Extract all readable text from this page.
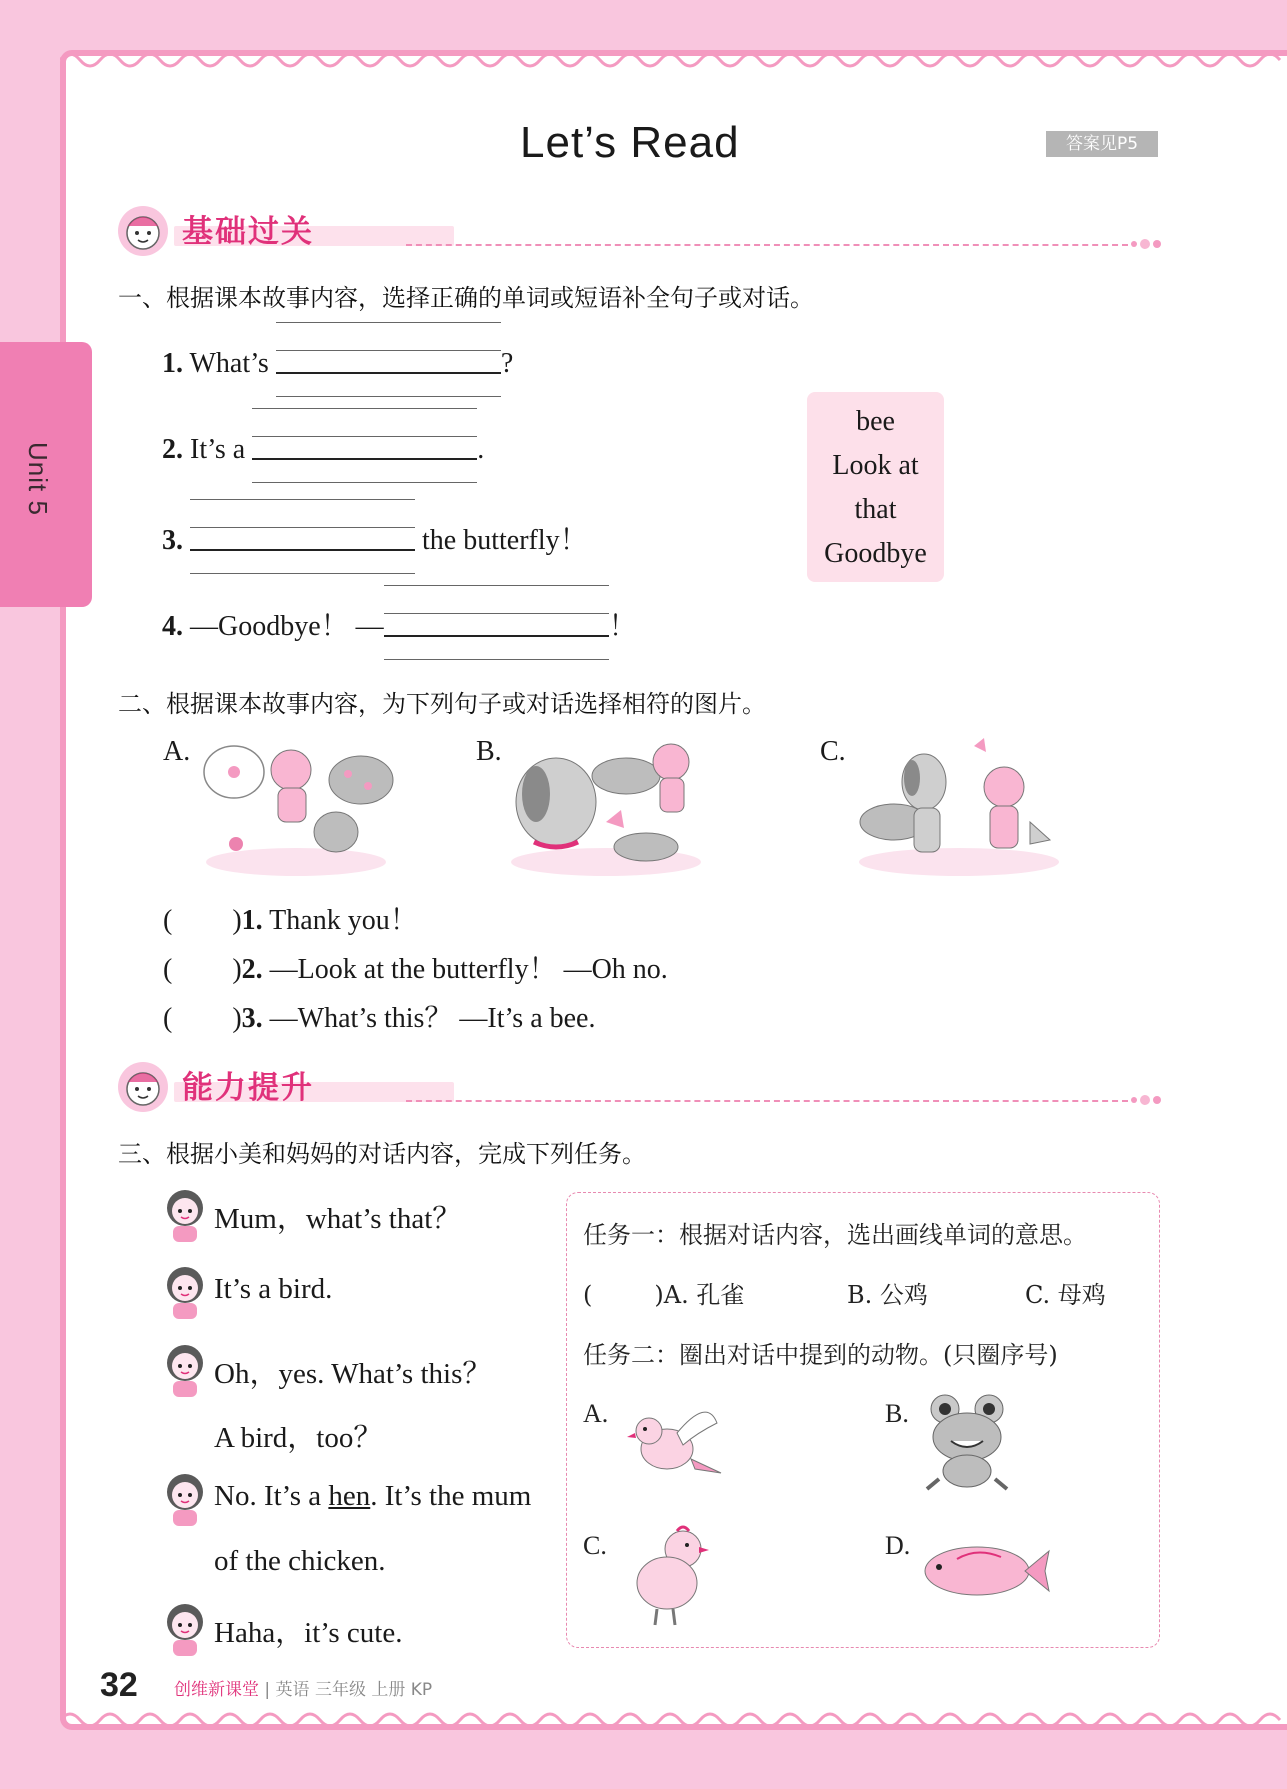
Unit 5
Let’s Read	答案见P5
基础过关
一、根据课本故事内容，选择正确的单词或短语补全句子或对话。
1. What’s	?
2. It’s a	.
3.	the butterfly！
4. —Goodbye！ —	！
bee
Look at
that
Goodbye
二、根据课本故事内容，为下列句子或对话选择相符的图片。
A.	B.	C.
( )1. Thank you！
( )2. —Look at the butterfly！ —Oh no.
( )3. —What’s this？ —It’s a bee.
能力提升
三、根据小美和妈妈的对话内容，完成下列任务。
Mum，what’s that？
It’s a bird.
Oh，yes. What’s this？
A bird，too？
No. It’s a hen. It’s the mum
of the chicken.
Haha，it’s cute.
任务一：根据对话内容，选出画线单词的意思。
(	)A. 孔雀	B. 公鸡	C. 母鸡
任务二：圈出对话中提到的动物。(只圈序号)
A.	B.
C.	D.
32 创维新课堂 | 英语 三年级 上册 KP
